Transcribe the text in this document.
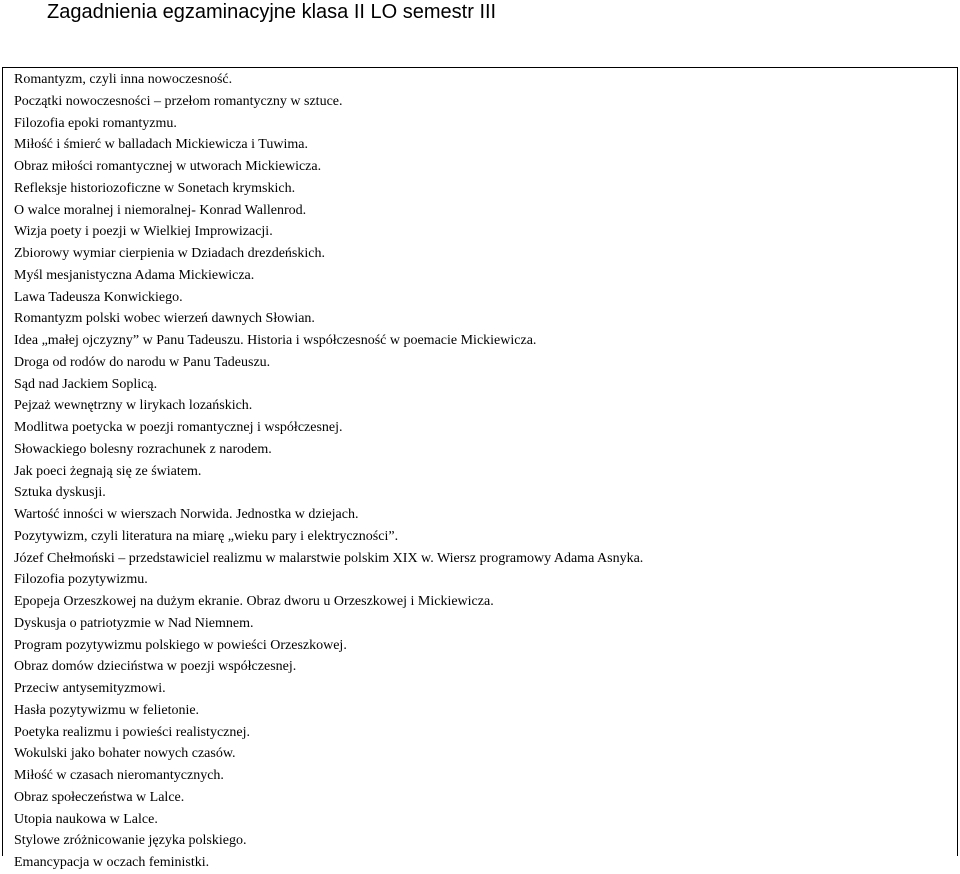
Zagadnienia egzaminacyjne klasa II LO semestr III
Romantyzm, czyli inna nowoczesność.
Początki nowoczesności – przełom romantyczny w sztuce.
Filozofia epoki romantyzmu.
Miłość i śmierć w balladach Mickiewicza i Tuwima.
Obraz miłości romantycznej w utworach Mickiewicza.
Refleksje historiozoficzne w Sonetach krymskich.
O walce moralnej i niemoralnej- Konrad Wallenrod.
Wizja poety i poezji w Wielkiej Improwizacji.
Zbiorowy wymiar cierpienia w Dziadach drezdeńskich.
Myśl mesjanistyczna Adama Mickiewicza.
Lawa Tadeusza Konwickiego.
Romantyzm polski wobec wierzeń dawnych Słowian.
Idea „małej ojczyzny” w Panu Tadeuszu. Historia i współczesność w poemacie Mickiewicza.
Droga od rodów do narodu w Panu Tadeuszu.
Sąd nad Jackiem Soplicą.
Pejzaż wewnętrzny w lirykach lozańskich.
Modlitwa poetycka w poezji romantycznej i współczesnej.
Słowackiego bolesny rozrachunek z narodem.
Jak poeci żegnają się ze światem.
Sztuka dyskusji.
Wartość inności w wierszach Norwida. Jednostka w dziejach.
Pozytywizm, czyli literatura na miarę „wieku pary i elektryczności”.
Józef Chełmoński – przedstawiciel realizmu w malarstwie polskim XIX w. Wiersz programowy Adama Asnyka.
Filozofia pozytywizmu.
Epopeja Orzeszkowej na dużym ekranie. Obraz dworu u Orzeszkowej i Mickiewicza.
Dyskusja o patriotyzmie w Nad Niemnem.
Program pozytywizmu polskiego w powieści Orzeszkowej.
Obraz domów dzieciństwa w poezji współczesnej.
Przeciw antysemityzmowi.
Hasła pozytywizmu w felietonie.
Poetyka realizmu i powieści realistycznej.
Wokulski jako bohater nowych czasów.
Miłość w czasach nieromantycznych.
Obraz społeczeństwa w Lalce.
Utopia naukowa w Lalce.
Stylowe zróżnicowanie języka polskiego.
Emancypacja w oczach feministki.
